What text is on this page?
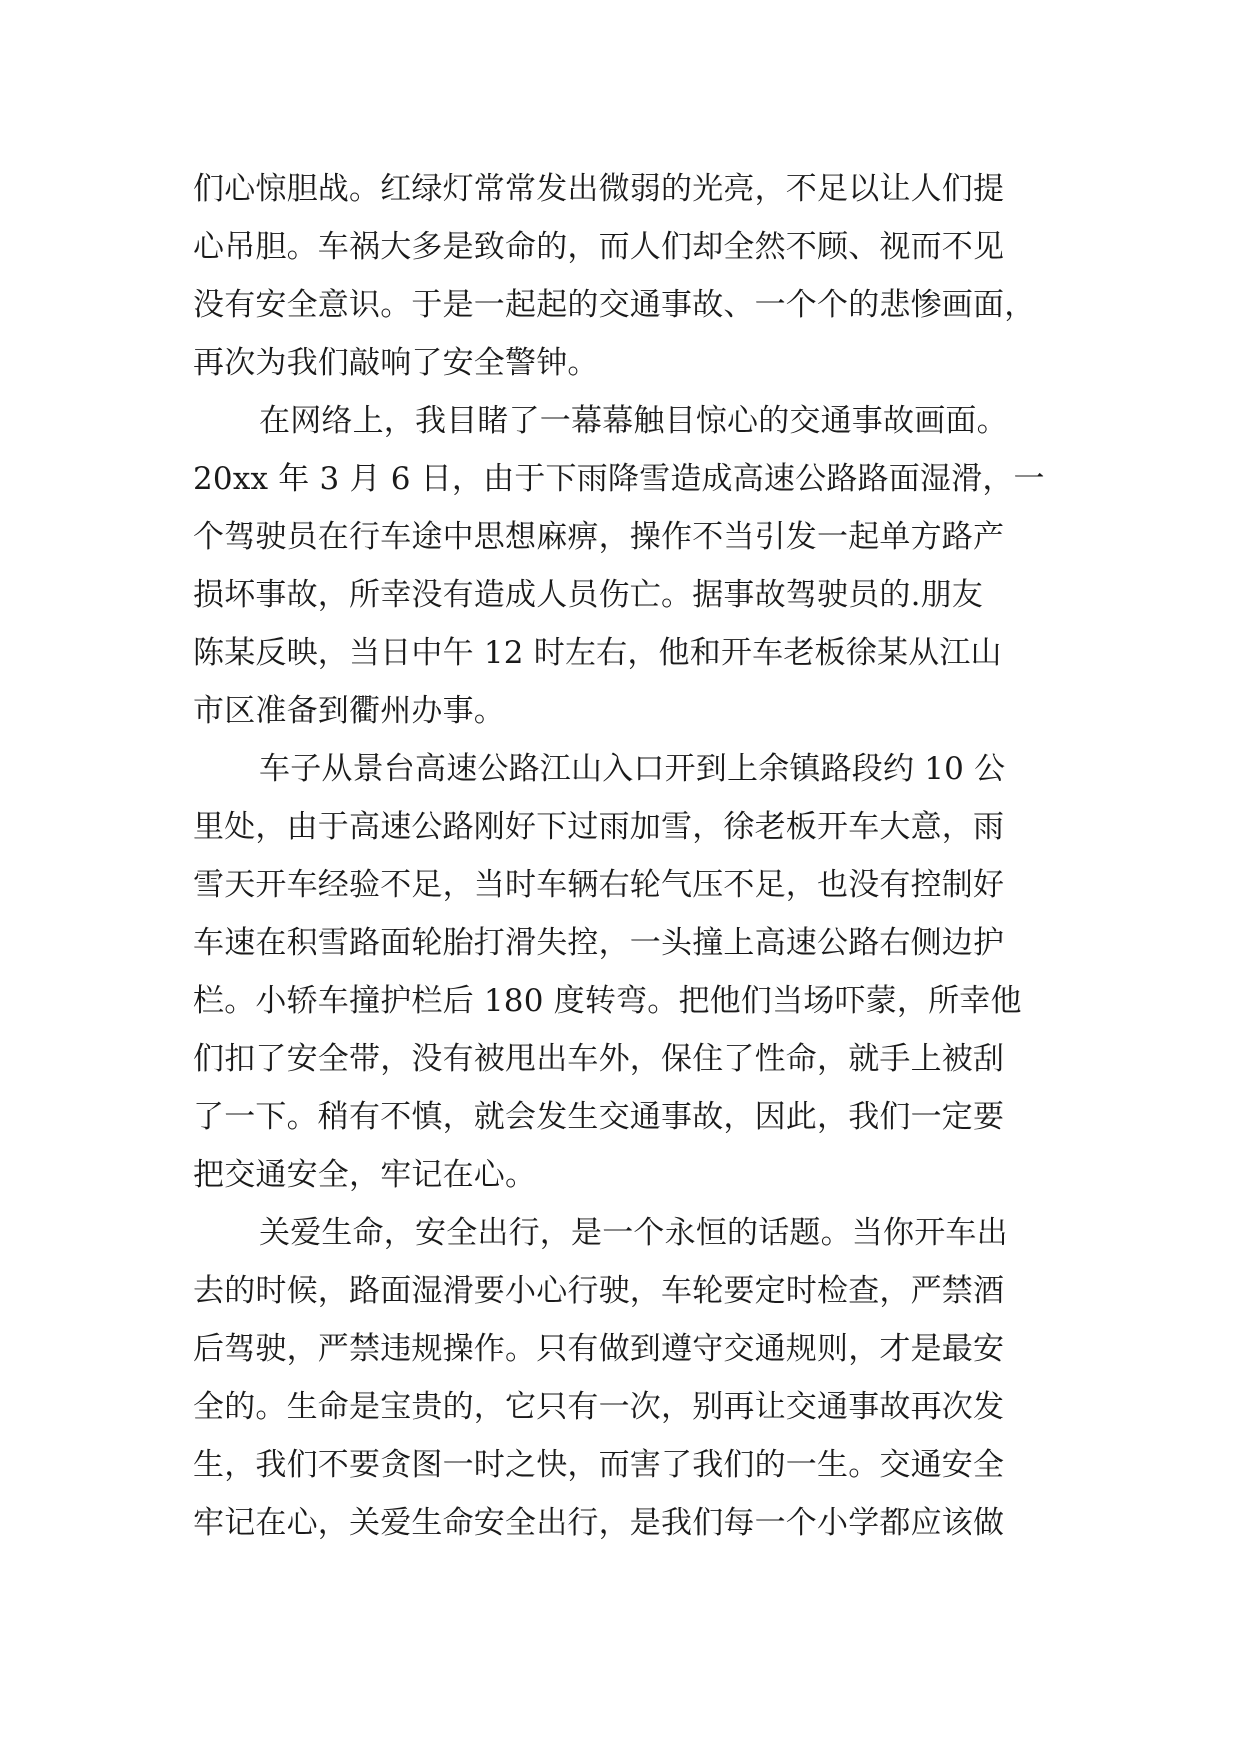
们心惊胆战。红绿灯常常发出微弱的光亮，不足以让人们提
心吊胆。车祸大多是致命的，而人们却全然不顾、视而不见
没有安全意识。于是一起起的交通事故、一个个的悲惨画面，
再次为我们敲响了安全警钟。
在网络上，我目睹了一幕幕触目惊心的交通事故画面。
20xx 年 3 月 6 日，由于下雨降雪造成高速公路路面湿滑，一
个驾驶员在行车途中思想麻痹，操作不当引发一起单方路产
损坏事故，所幸没有造成人员伤亡。据事故驾驶员的.朋友
陈某反映，当日中午 12 时左右，他和开车老板徐某从江山
市区准备到衢州办事。
车子从景台高速公路江山入口开到上余镇路段约 10 公
里处，由于高速公路刚好下过雨加雪，徐老板开车大意，雨
雪天开车经验不足，当时车辆右轮气压不足，也没有控制好
车速在积雪路面轮胎打滑失控，一头撞上高速公路右侧边护
栏。小轿车撞护栏后 180 度转弯。把他们当场吓蒙，所幸他
们扣了安全带，没有被甩出车外，保住了性命，就手上被刮
了一下。稍有不慎，就会发生交通事故，因此，我们一定要
把交通安全，牢记在心。
关爱生命，安全出行，是一个永恒的话题。当你开车出
去的时候，路面湿滑要小心行驶，车轮要定时检查，严禁酒
后驾驶，严禁违规操作。只有做到遵守交通规则，才是最安
全的。生命是宝贵的，它只有一次，别再让交通事故再次发
生，我们不要贪图一时之快，而害了我们的一生。交通安全
牢记在心，关爱生命安全出行，是我们每一个小学都应该做
